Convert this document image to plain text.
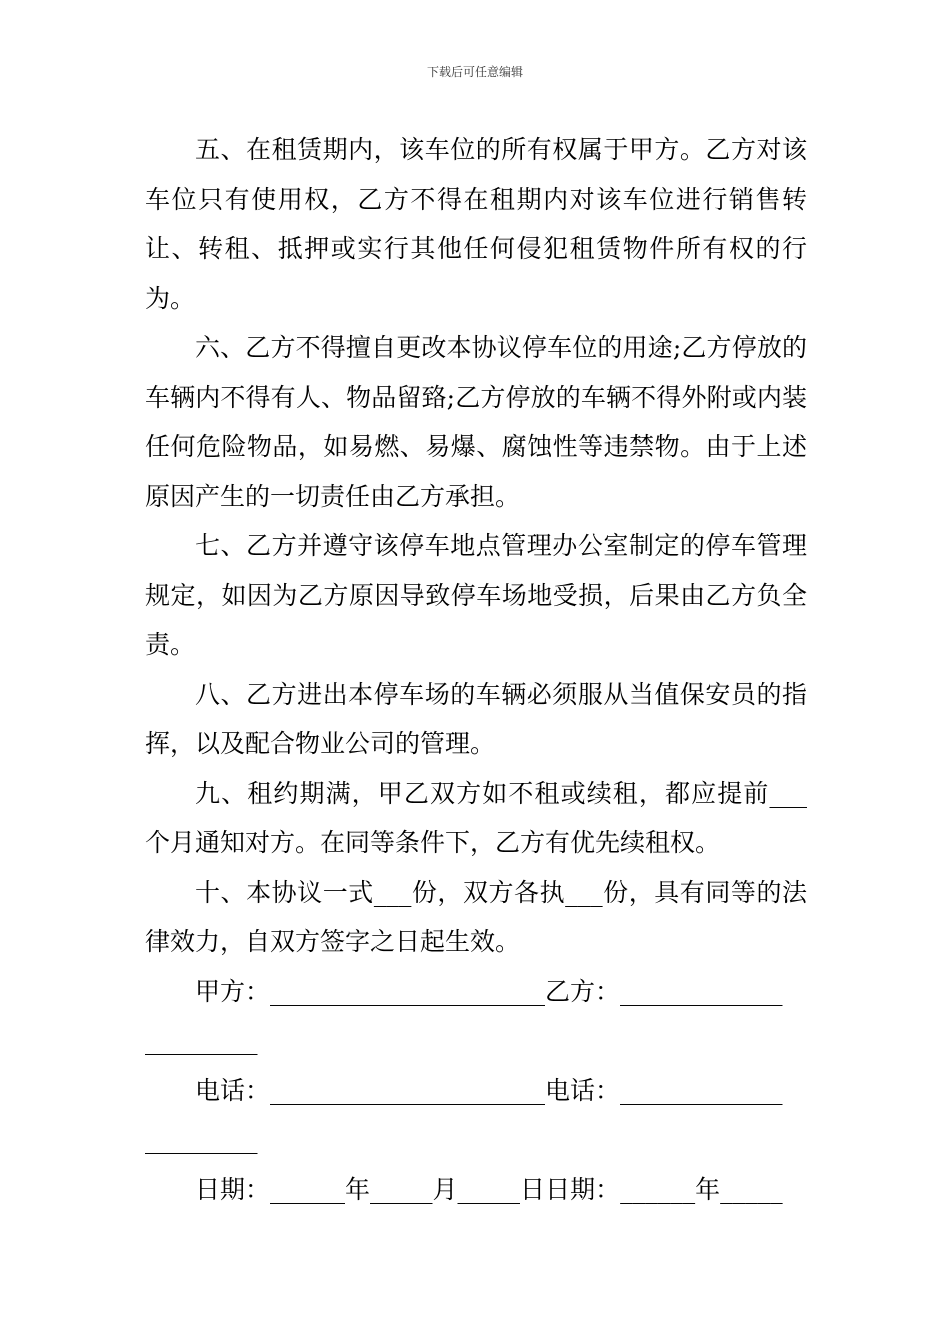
下载后可任意编辑

五、在租赁期内，该车位的所有权属于甲方。乙方对该车位只有使用权，乙方不得在租期内对该车位进行销售转让、转租、抵押或实行其他任何侵犯租赁物件所有权的行为。

六、乙方不得擅自更改本协议停车位的用途;乙方停放的车辆内不得有人、物品留臵;乙方停放的车辆不得外附或内装任何危险物品，如易燃、易爆、腐蚀性等违禁物。由于上述原因产生的一切责任由乙方承担。

七、乙方并遵守该停车地点管理办公室制定的停车管理规定，如因为乙方原因导致停车场地受损，后果由乙方负全责。

八、乙方进出本停车场的车辆必须服从当值保安员的指挥，以及配合物业公司的管理。

九、租约期满，甲乙双方如不租或续租，都应提前___个月通知对方。在同等条件下，乙方有优先续租权。

十、本协议一式___份，双方各执___份，具有同等的法律效力，自双方签字之日起生效。

甲方：______________________乙方：_____________
_________
电话：______________________电话：_____________
_________
日期：______年_____月_____日日期：______年_____
